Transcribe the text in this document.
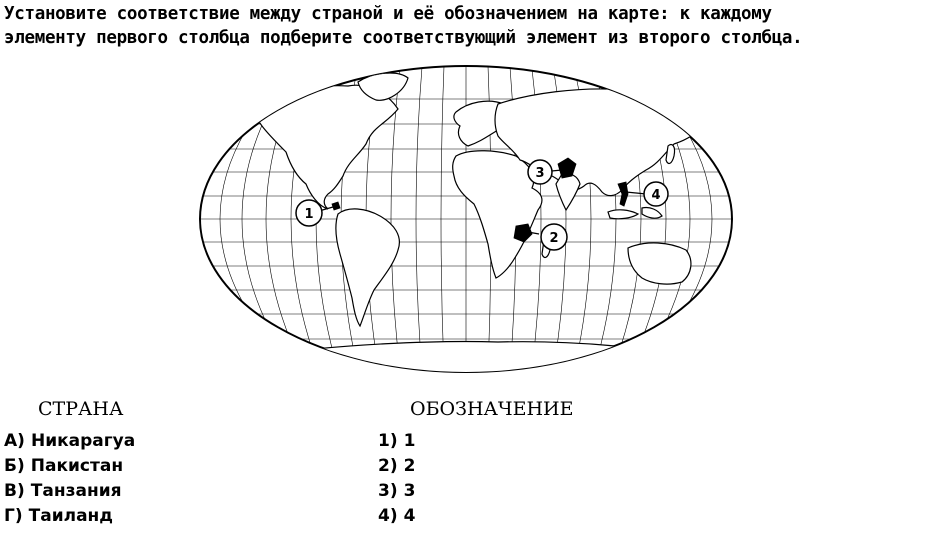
Установите соответствие между страной и её обозначением на карте: к каждому
элементу первого столбца подберите соответствующий элемент из второго столбца.
1
2
3
4
СТРАНА	ОБОЗНАЧЕНИЕ
А) Никарагуа
Б) Пакистан
В) Танзания
Г) Таиланд
1) 1
2) 2
3) 3
4) 4
